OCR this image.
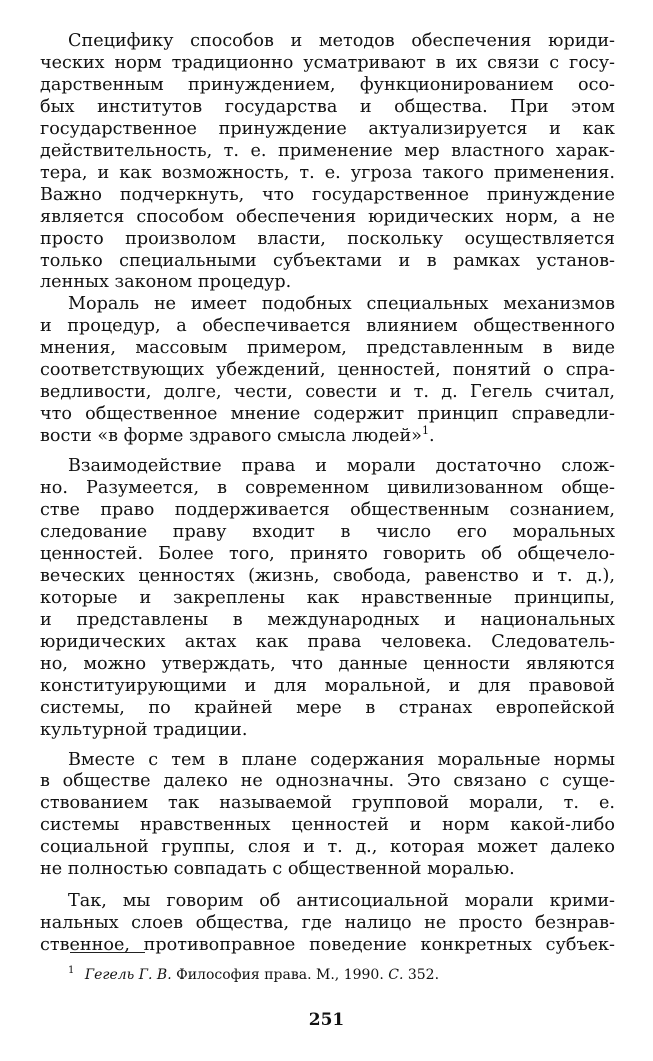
Специфику способов и методов обеспечения юриди-
ческих норм традиционно усматривают в их связи с госу-
дарственным принуждением, функционированием осо-
бых институтов государства и общества. При этом
государственное принуждение актуализируется и как
действительность, т. е. применение мер властного харак-
тера, и как возможность, т. е. угроза такого применения.
Важно подчеркнуть, что государственное принуждение
является способом обеспечения юридических норм, а не
просто произволом власти, поскольку осуществляется
только специальными субъектами и в рамках установ-
ленных законом процедур.

Мораль не имеет подобных специальных механизмов
и процедур, а обеспечивается влиянием общественного
мнения, массовым примером, представленным в виде
соответствующих убеждений, ценностей, понятий о спра-
ведливости, долге, чести, совести и т. д. Гегель считал,
что общественное мнение содержит принцип справедли-
вости «в форме здравого смысла людей»$^1$.

Взаимодействие права и морали достаточно слож-
но. Разумеется, в современном цивилизованном обще-
стве право поддерживается общественным сознанием,
следование праву входит в число его моральных
ценностей. Более того, принято говорить об общечело-
веческих ценностях (жизнь, свобода, равенство и т. д.),
которые и закреплены как нравственные принципы,
и представлены в международных и национальных
юридических актах как права человека. Следователь-
но, можно утверждать, что данные ценности являются
конституирующими и для моральной, и для правовой
системы, по крайней мере в странах европейской
культурной традиции.

Вместе с тем в плане содержания моральные нормы
в обществе далеко не однозначны. Это связано с суще-
ствованием так называемой групповой морали, т. е.
системы нравственных ценностей и норм какой-либо
социальной группы, слоя и т. д., которая может далеко
не полностью совпадать с общественной моралью.

Так, мы говорим об антисоциальной морали крими-
нальных слоев общества, где налицо не просто безнрав-
ственное, противоправное поведение конкретных субъек-

$^1$ Гегель Г. В. Философия права. М., 1990. С. 352.
251
